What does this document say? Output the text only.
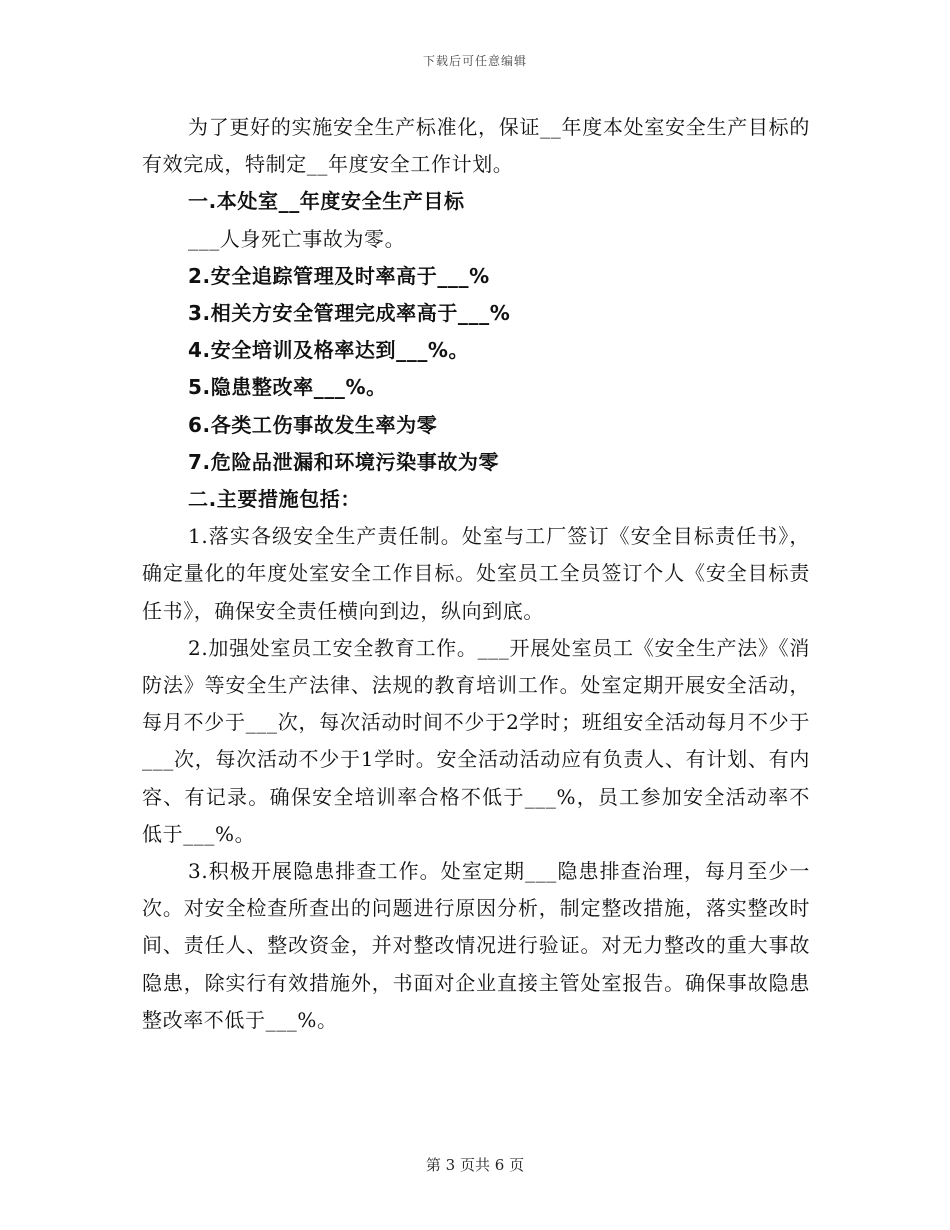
下载后可任意编辑

为了更好的实施安全生产标准化，保证__年度本处室安全生产目标的有效完成，特制定__年度安全工作计划。

一.本处室__年度安全生产目标

___人身死亡事故为零。

2.安全追踪管理及时率高于___%

3.相关方安全管理完成率高于___%

4.安全培训及格率达到___%。

5.隐患整改率___%。

6.各类工伤事故发生率为零

7.危险品泄漏和环境污染事故为零

二.主要措施包括：

1.落实各级安全生产责任制。处室与工厂签订《安全目标责任书》，确定量化的年度处室安全工作目标。处室员工全员签订个人《安全目标责任书》，确保安全责任横向到边，纵向到底。

2.加强处室员工安全教育工作。___开展处室员工《安全生产法》《消防法》等安全生产法律、法规的教育培训工作。处室定期开展安全活动，每月不少于___次，每次活动时间不少于2学时；班组安全活动每月不少于___次，每次活动不少于1学时。安全活动活动应有负责人、有计划、有内容、有记录。确保安全培训率合格不低于___%，员工参加安全活动率不低于___%。

3.积极开展隐患排查工作。处室定期___隐患排查治理，每月至少一次。对安全检查所查出的问题进行原因分析，制定整改措施，落实整改时间、责任人、整改资金，并对整改情况进行验证。对无力整改的重大事故隐患，除实行有效措施外，书面对企业直接主管处室报告。确保事故隐患整改率不低于___%。

第 3 页共 6 页
